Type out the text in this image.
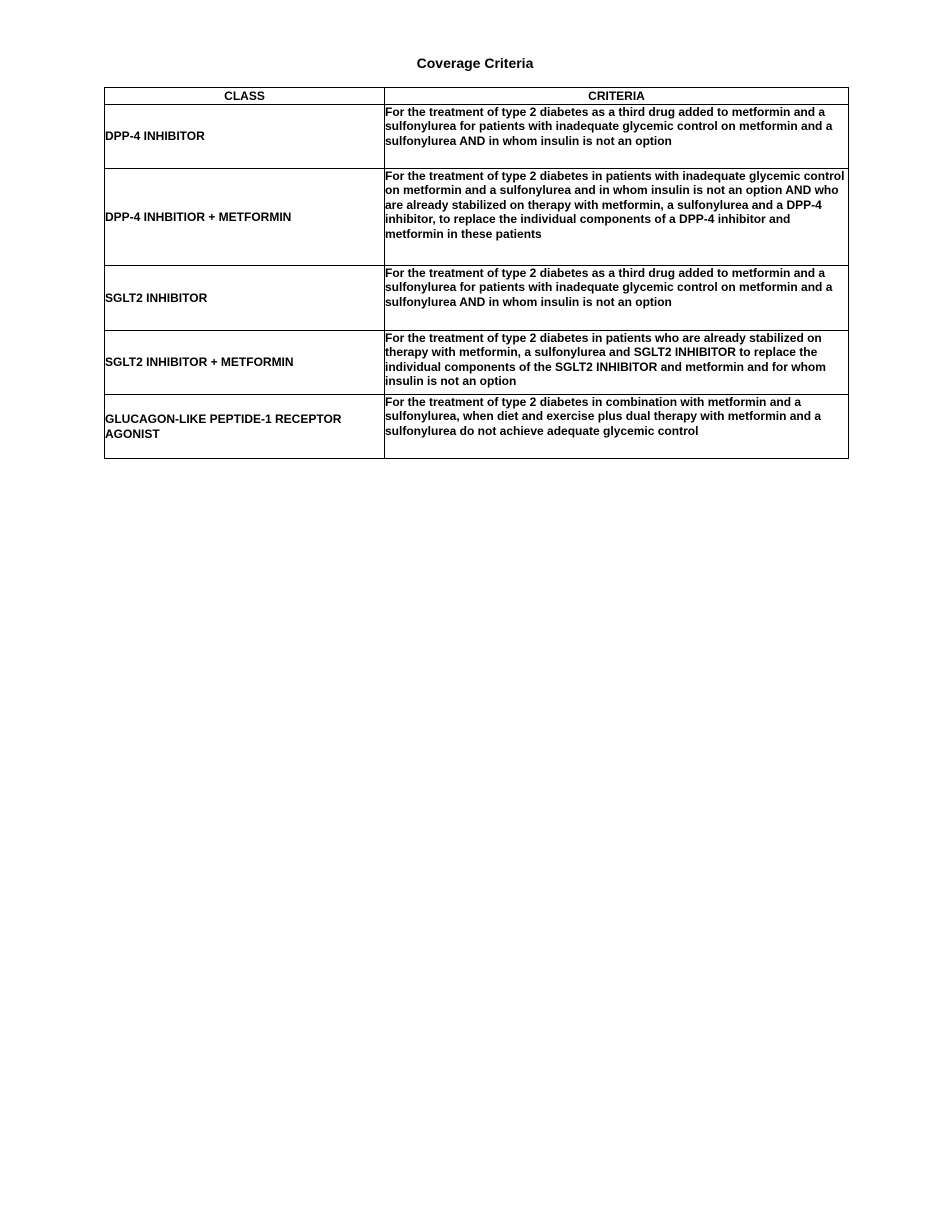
Coverage Criteria
CLASS	CRITERIA
DPP-4 INHIBITOR	For the treatment of type 2 diabetes as a third drug added to metformin and a sulfonylurea for patients with inadequate glycemic control on metformin and a sulfonylurea AND in whom insulin is not an option
DPP-4 INHBITIOR + METFORMIN	For the treatment of type 2 diabetes in patients with inadequate glycemic control on metformin and a sulfonylurea and in whom insulin is not an option AND who are already stabilized on therapy with metformin, a sulfonylurea and a DPP-4 inhibitor, to replace the individual components of a DPP-4 inhibitor and metformin in these patients
SGLT2 INHIBITOR	For the treatment of type 2 diabetes as a third drug added to metformin and a sulfonylurea for patients with inadequate glycemic control on metformin and a sulfonylurea AND in whom insulin is not an option
SGLT2 INHIBITOR + METFORMIN	For the treatment of type 2 diabetes in patients who are already stabilized on therapy with metformin, a sulfonylurea and SGLT2 INHIBITOR to replace the individual components of the SGLT2 INHIBITOR and metformin and for whom insulin is not an option
GLUCAGON-LIKE PEPTIDE-1 RECEPTOR AGONIST	For the treatment of type 2 diabetes in combination with metformin and a sulfonylurea, when diet and exercise plus dual therapy with metformin and a sulfonylurea do not achieve adequate glycemic control
